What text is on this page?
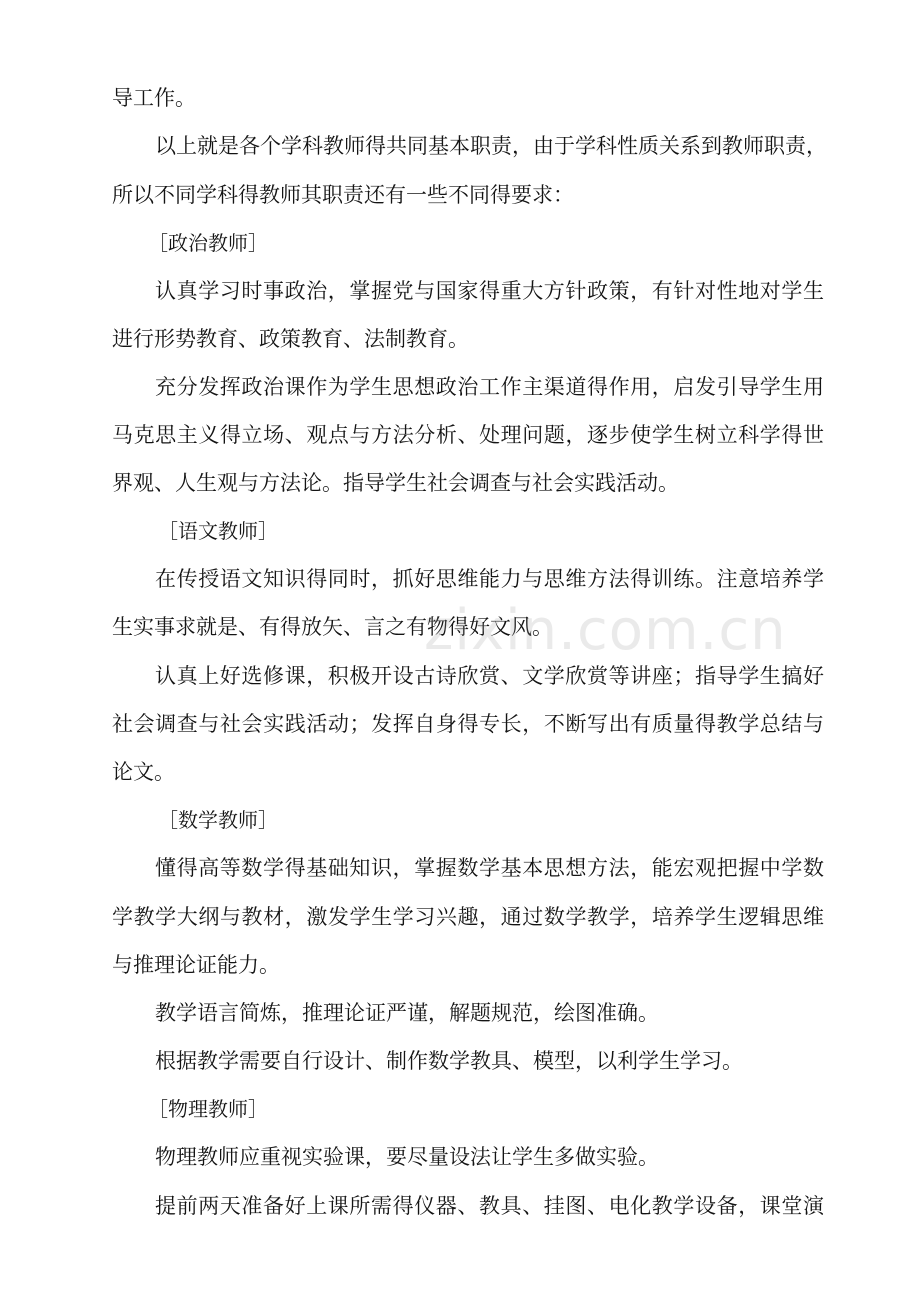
导工作。
以上就是各个学科教师得共同基本职责，由于学科性质关系到教师职责，
所以不同学科得教师其职责还有一些不同得要求：
［政治教师］
认真学习时事政治，掌握党与国家得重大方针政策，有针对性地对学生
进行形势教育、政策教育、法制教育。
充分发挥政治课作为学生思想政治工作主渠道得作用，启发引导学生用
马克思主义得立场、观点与方法分析、处理问题，逐步使学生树立科学得世
界观、人生观与方法论。指导学生社会调查与社会实践活动。
［语文教师］
在传授语文知识得同时，抓好思维能力与思维方法得训练。注意培养学
生实事求就是、有得放矢、言之有物得好文风。
认真上好选修课，积极开设古诗欣赏、文学欣赏等讲座；指导学生搞好
社会调查与社会实践活动；发挥自身得专长，不断写出有质量得教学总结与
论文。
［数学教师］
懂得高等数学得基础知识，掌握数学基本思想方法，能宏观把握中学数
学教学大纲与教材，激发学生学习兴趣，通过数学教学，培养学生逻辑思维
与推理论证能力。
教学语言简炼，推理论证严谨，解题规范，绘图准确。
根据教学需要自行设计、制作数学教具、模型，以利学生学习。
［物理教师］
物理教师应重视实验课，要尽量设法让学生多做实验。
提前两天准备好上课所需得仪器、教具、挂图、电化教学设备，课堂演
zixin.com.cn
